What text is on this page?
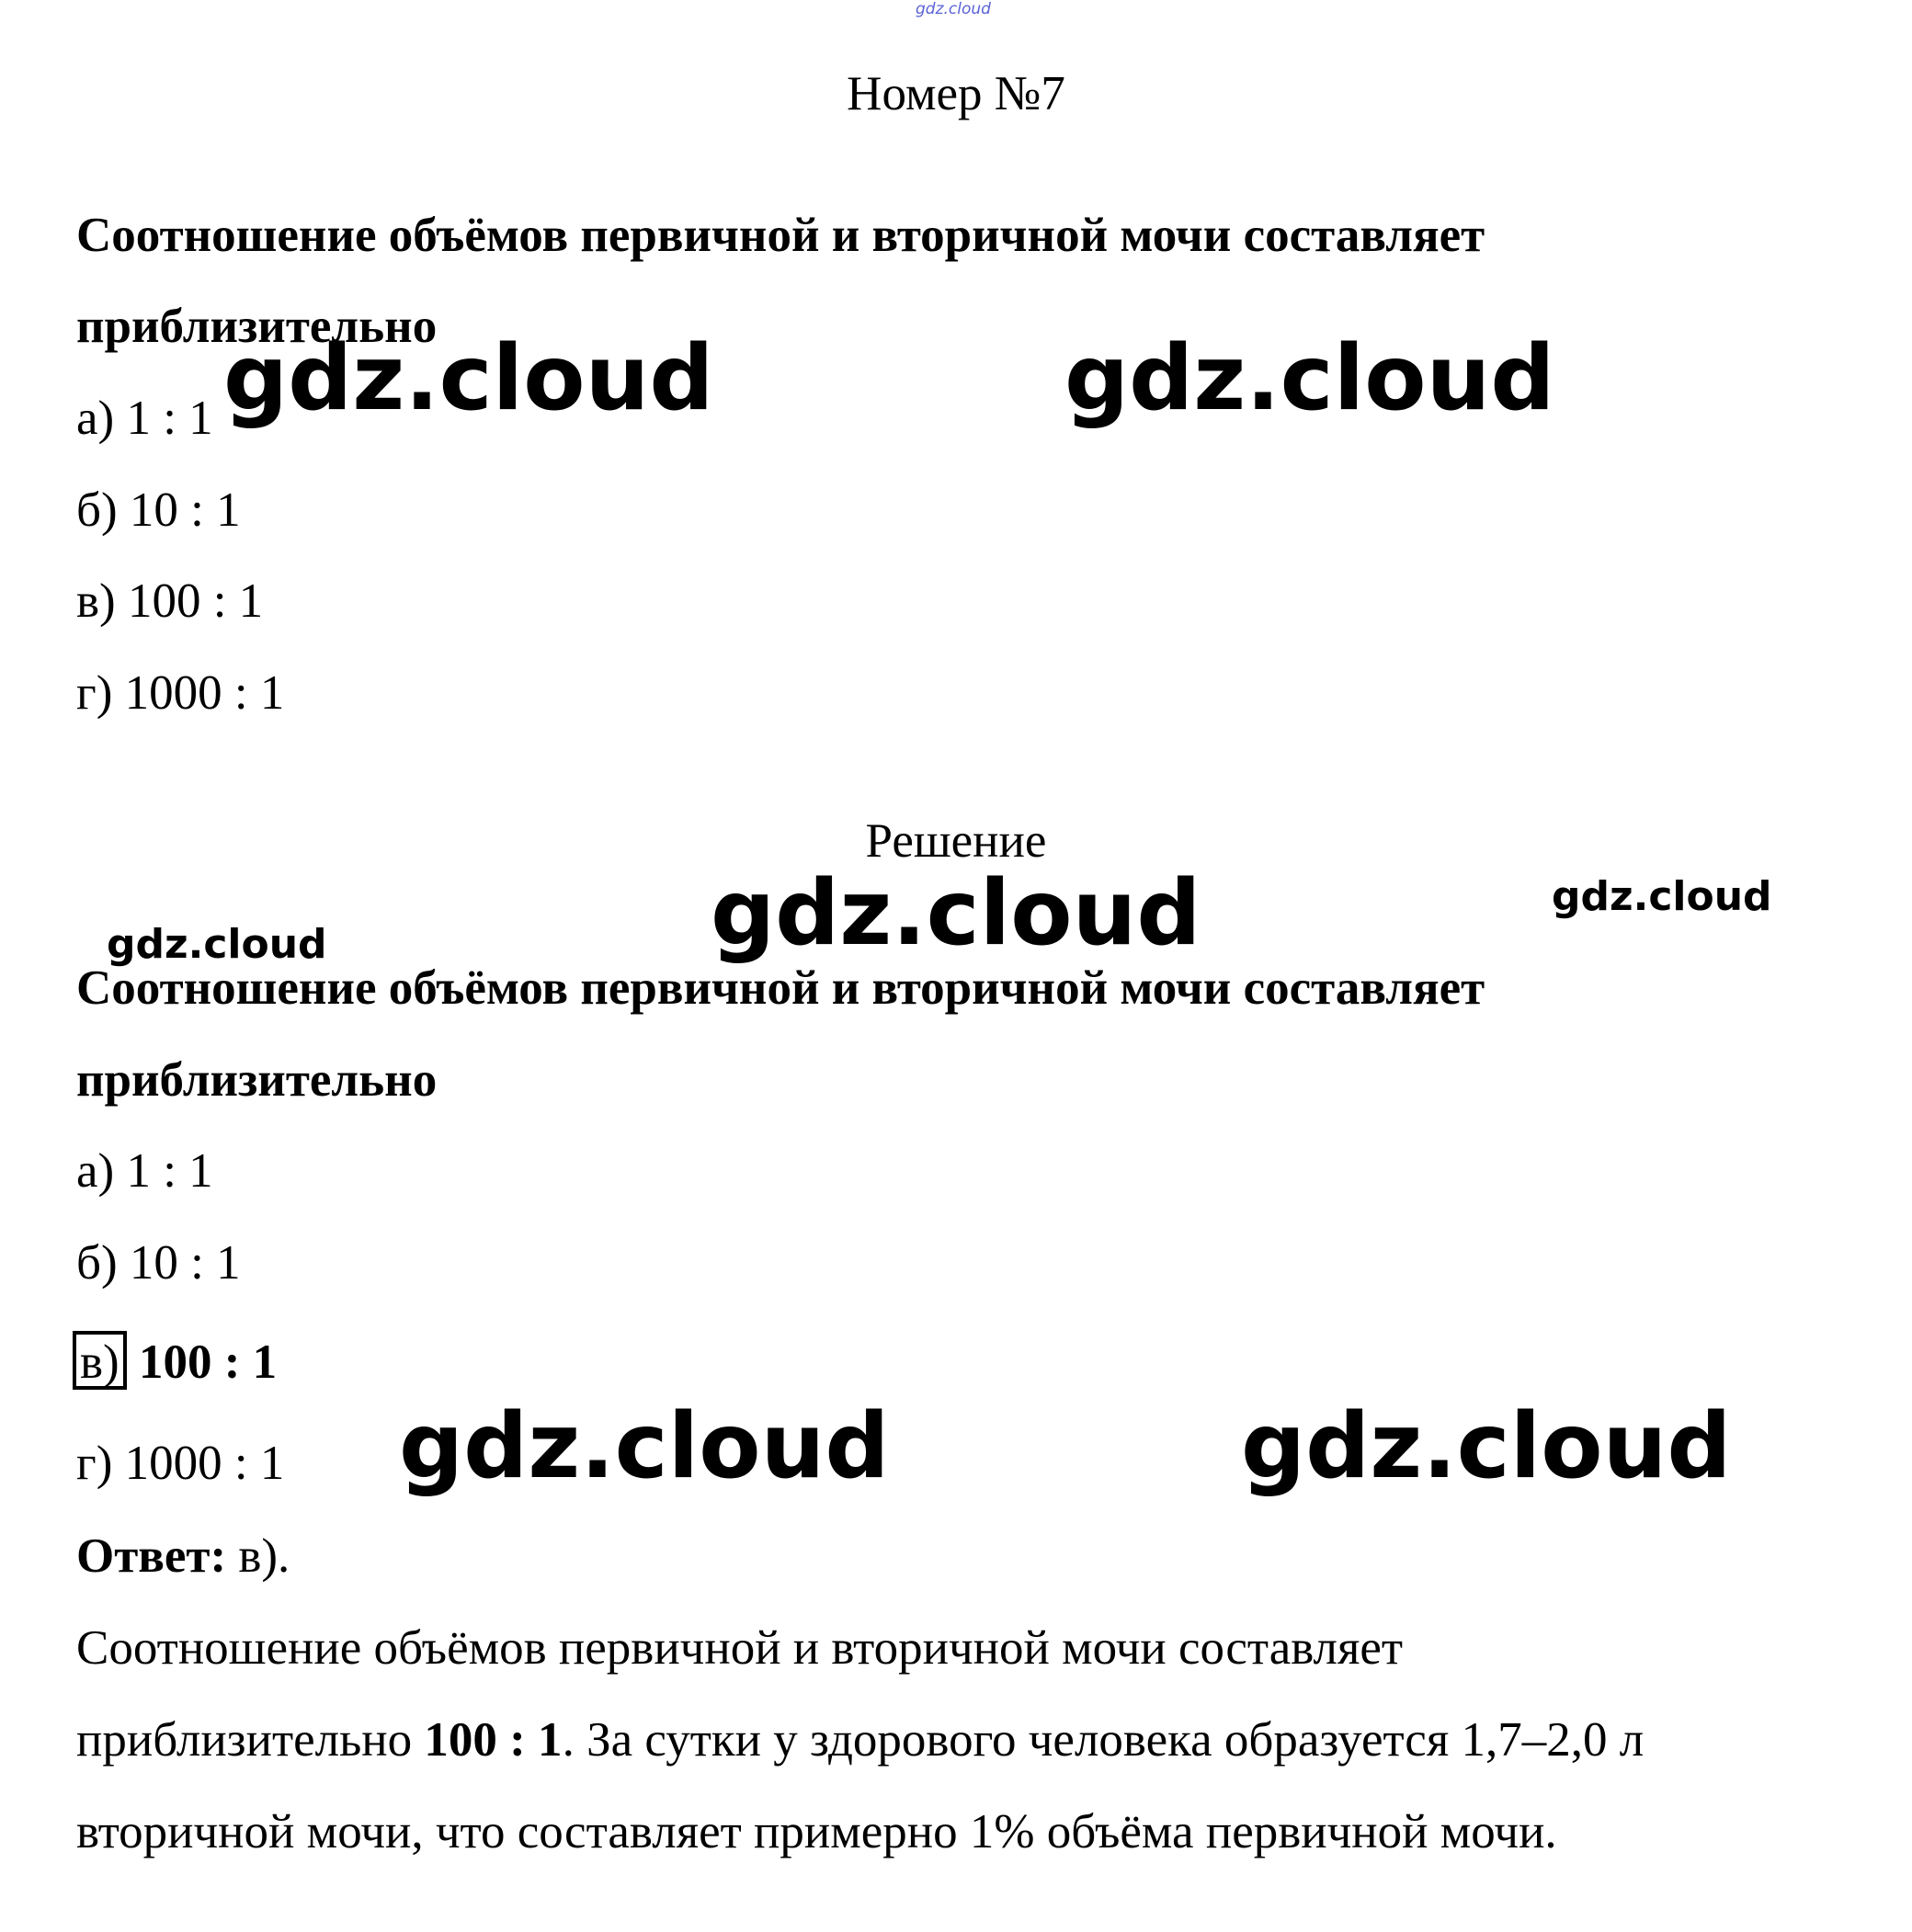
gdz.cloud
Номер №7
Соотношение объёмов первичной и вторичной мочи составляет
приблизительно
а) 1 : 1
б) 10 : 1
в) 100 : 1
г) 1000 : 1
gdz.cloud	gdz.cloud
Решение
gdz.cloud	gdz.cloud
gdz.cloud
Соотношение объёмов первичной и вторичной мочи составляет
приблизительно
а) 1 : 1
б) 10 : 1
в) 100 : 1
г) 1000 : 1 gdz.cloud	gdz.cloud
Ответ: в).
Соотношение объёмов первичной и вторичной мочи составляет
приблизительно 100 : 1. За сутки у здорового человека образуется 1,7–2,0 л
вторичной мочи, что составляет примерно 1% объёма первичной мочи.
